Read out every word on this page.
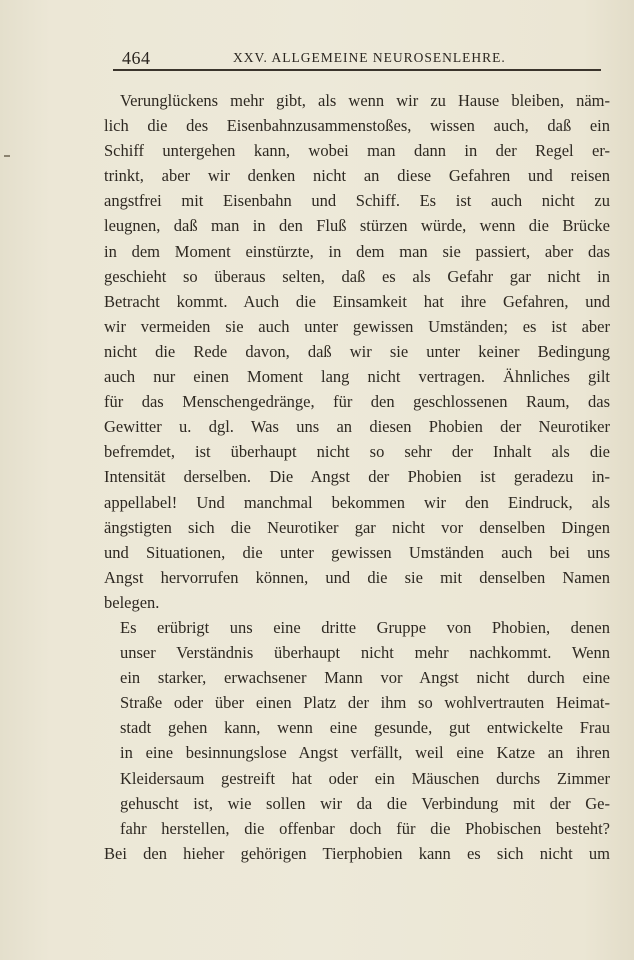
464	XXV. ALLGEMEINE NEUROSENLEHRE.
Verunglückens mehr gibt, als wenn wir zu Hause bleiben, näm-
lich die des Eisenbahnzusammenstoßes, wissen auch, daß ein
Schiff untergehen kann, wobei man dann in der Regel er-
trinkt, aber wir denken nicht an diese Gefahren und reisen
angstfrei mit Eisenbahn und Schiff. Es ist auch nicht zu
leugnen, daß man in den Fluß stürzen würde, wenn die Brücke
in dem Moment einstürzte, in dem man sie passiert, aber das
geschieht so überaus selten, daß es als Gefahr gar nicht in
Betracht kommt. Auch die Einsamkeit hat ihre Gefahren, und
wir vermeiden sie auch unter gewissen Umständen; es ist aber
nicht die Rede davon, daß wir sie unter keiner Bedingung
auch nur einen Moment lang nicht vertragen. Ähnliches gilt
für das Menschengedränge, für den geschlossenen Raum, das
Gewitter u. dgl. Was uns an diesen Phobien der Neurotiker
befremdet, ist überhaupt nicht so sehr der Inhalt als die
Intensität derselben. Die Angst der Phobien ist geradezu in-
appellabel! Und manchmal bekommen wir den Eindruck, als
ängstigten sich die Neurotiker gar nicht vor denselben Dingen
und Situationen, die unter gewissen Umständen auch bei uns
Angst hervorrufen können, und die sie mit denselben Namen
belegen.
Es erübrigt uns eine dritte Gruppe von Phobien, denen
unser Verständnis überhaupt nicht mehr nachkommt. Wenn
ein starker, erwachsener Mann vor Angst nicht durch eine
Straße oder über einen Platz der ihm so wohlvertrauten Heimat-
stadt gehen kann, wenn eine gesunde, gut entwickelte Frau
in eine besinnungslose Angst verfällt, weil eine Katze an ihren
Kleidersaum gestreift hat oder ein Mäuschen durchs Zimmer
gehuscht ist, wie sollen wir da die Verbindung mit der Ge-
fahr herstellen, die offenbar doch für die Phobischen besteht?
Bei den hieher gehörigen Tierphobien kann es sich nicht um
